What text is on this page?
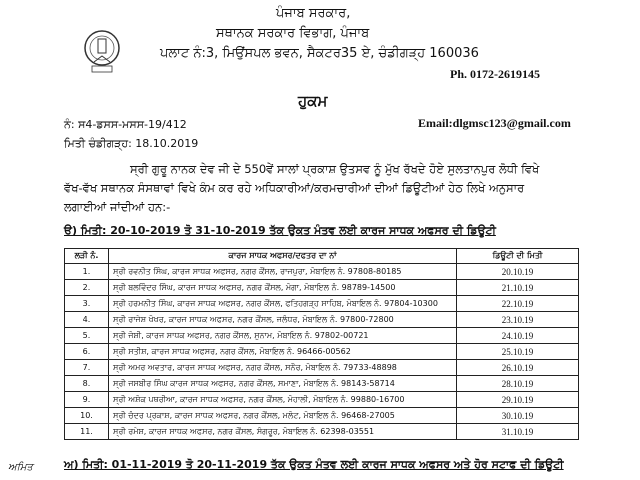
ਪੰਜਾਬ ਸਰਕਾਰ,
ਸਥਾਨਕ ਸਰਕਾਰ ਵਿਭਾਗ, ਪੰਜਾਬ
ਪਲਾਟ ਨੰ:3, ਮਿਉਂਸਪਲ ਭਵਨ, ਸੈਕਟਰ35 ਏ, ਚੰਡੀਗੜ੍ਹ 160036
Ph. 0172-2619145
ਹੁਕਮ
ਨੰ: ਸ4-ਡਸਸ-ਮਸਸ-19/412
ਮਿਤੀ ਚੰਡੀਗੜ੍ਹ: 18.10.2019
Email:dlgmsc123@gmail.com
ਸ੍ਰੀ ਗੁਰੂ ਨਾਨਕ ਦੇਵ ਜੀ ਦੇ 550ਵੇਂ ਸਾਲਾਂ ਪ੍ਰਕਾਸ਼ ਉਤਸਵ ਨੂੰ ਮੁੱਖ ਰੱਖਦੇ ਹੋਏ ਸੁਲਤਾਨਪੁਰ ਲੋਧੀ ਵਿਖੇ
ਵੱਖ-ਵੱਖ ਸਥਾਨਕ ਸੰਸਥਾਵਾਂ ਵਿਖੇ ਕੰਮ ਕਰ ਰਹੇ ਅਧਿਕਾਰੀਆਂ/ਕਰਮਚਾਰੀਆਂ ਦੀਆਂ ਡਿਊਟੀਆਂ ਹੇਠ ਲਿਖੇ ਅਨੁਸਾਰ
ਲਗਾਈਆਂ ਜਾਂਦੀਆਂ ਹਨ:-
ੳ) ਮਿਤੀ: 20-10-2019 ਤੋ 31-10-2019 ਤੱਕ ਉਕਤ ਮੰਤਵ ਲਈ ਕਾਰਜ ਸਾਧਕ ਅਫਸਰ ਦੀ ਡਿਊਟੀ
ਲੜੀ ਨੰ.	ਕਾਰਜ ਸਾਧਕ ਅਫਸਰ/ਦਫਤਰ ਦਾ ਨਾਂ	ਡਿਊਟੀ ਦੀ ਮਿਤੀ
1.	ਸ੍ਰੀ ਰਵਨੀਤ ਸਿੰਘ, ਕਾਰਜ ਸਾਧਕ ਅਫਸਰ, ਨਗਰ ਕੌਂਸਲ, ਰਾਜਪੁਰਾ, ਮੋਬਾਇਲ ਨੰ. 97808-80185	20.10.19
2.	ਸ੍ਰੀ ਬਲਵਿੰਦਰ ਸਿੰਘ, ਕਾਰਜ ਸਾਧਕ ਅਫਸਰ, ਨਗਰ ਕੌਂਸਲ, ਮੋਗਾ, ਮੋਬਾਇਲ ਨੰ. 98789-14500	21.10.19
3.	ਸ੍ਰੀ ਹਰਮਨੀਤ ਸਿੰਘ, ਕਾਰਜ ਸਾਧਕ ਅਫਸਰ, ਨਗਰ ਕੌਂਸਲ, ਫਤਿਹਗੜ੍ਹ ਸਾਹਿਬ, ਮੋਬਾਇਲ ਨੰ. 97804-10300	22.10.19
4.	ਸ੍ਰੀ ਰਾਜੇਸ਼ ਖੋਖਰ, ਕਾਰਜ ਸਾਧਕ ਅਫਸਰ, ਨਗਰ ਕੌਂਸਲ, ਜਲੰਧਰ, ਮੋਬਾਇਲ ਨੰ. 97800-72800	23.10.19
5.	ਸ੍ਰੀ ਜੋਸ਼ੀ, ਕਾਰਜ ਸਾਧਕ ਅਫਸਰ, ਨਗਰ ਕੌਂਸਲ, ਸੁਨਾਮ, ਮੋਬਾਇਲ ਨੰ. 97802-00721	24.10.19
6.	ਸ੍ਰੀ ਸਤੀਸ਼, ਕਾਰਜ ਸਾਧਕ ਅਫਸਰ, ਨਗਰ ਕੌਂਸਲ, ਮੋਬਾਇਲ ਨੰ. 96466-00562	25.10.19
7.	ਸ੍ਰੀ ਅਮਰ ਅਵਤਾਰ, ਕਾਰਜ ਸਾਧਕ ਅਫਸਰ, ਨਗਰ ਕੌਂਸਲ, ਸਨੌਰ, ਮੋਬਾਇਲ ਨੰ. 79733-48898	26.10.19
8.	ਸ੍ਰੀ ਜਸਬੀਰ ਸਿੰਘ ਕਾਰਜ ਸਾਧਕ ਅਫਸਰ, ਨਗਰ ਕੌਂਸਲ, ਸਮਾਣਾ, ਮੋਬਾਇਲ ਨੰ. 98143-58714	28.10.19
9.	ਸ੍ਰੀ ਅਸ਼ੋਕ ਪਥਰੀਆ, ਕਾਰਜ ਸਾਧਕ ਅਫਸਰ, ਨਗਰ ਕੌਂਸਲ, ਮੋਹਾਲੀ, ਮੋਬਾਇਲ ਨੰ. 99880-16700	29.10.19
10.	ਸ੍ਰੀ ਚੰਦਰ ਪ੍ਰਕਾਸ਼, ਕਾਰਜ ਸਾਧਕ ਅਫਸਰ, ਨਗਰ ਕੌਂਸਲ, ਮਲੋਟ, ਮੋਬਾਇਲ ਨੰ. 96468-27005	30.10.19
11.	ਸ੍ਰੀ ਰਮੇਸ਼, ਕਾਰਜ ਸਾਧਕ ਅਫਸਰ, ਨਗਰ ਕੌਂਸਲ, ਸੰਗਰੂਰ, ਮੋਬਾਇਲ ਨੰ. 62398-03551	31.10.19
ਅਮਿਤ	ਅ) ਮਿਤੀ: 01-11-2019 ਤੋ 20-11-2019 ਤੱਕ ਉਕਤ ਮੰਤਵ ਲਈ ਕਾਰਜ ਸਾਧਕ ਅਫਸਰ ਅਤੇ ਹੋਰ ਸਟਾਫ ਦੀ ਡਿਊਟੀ
